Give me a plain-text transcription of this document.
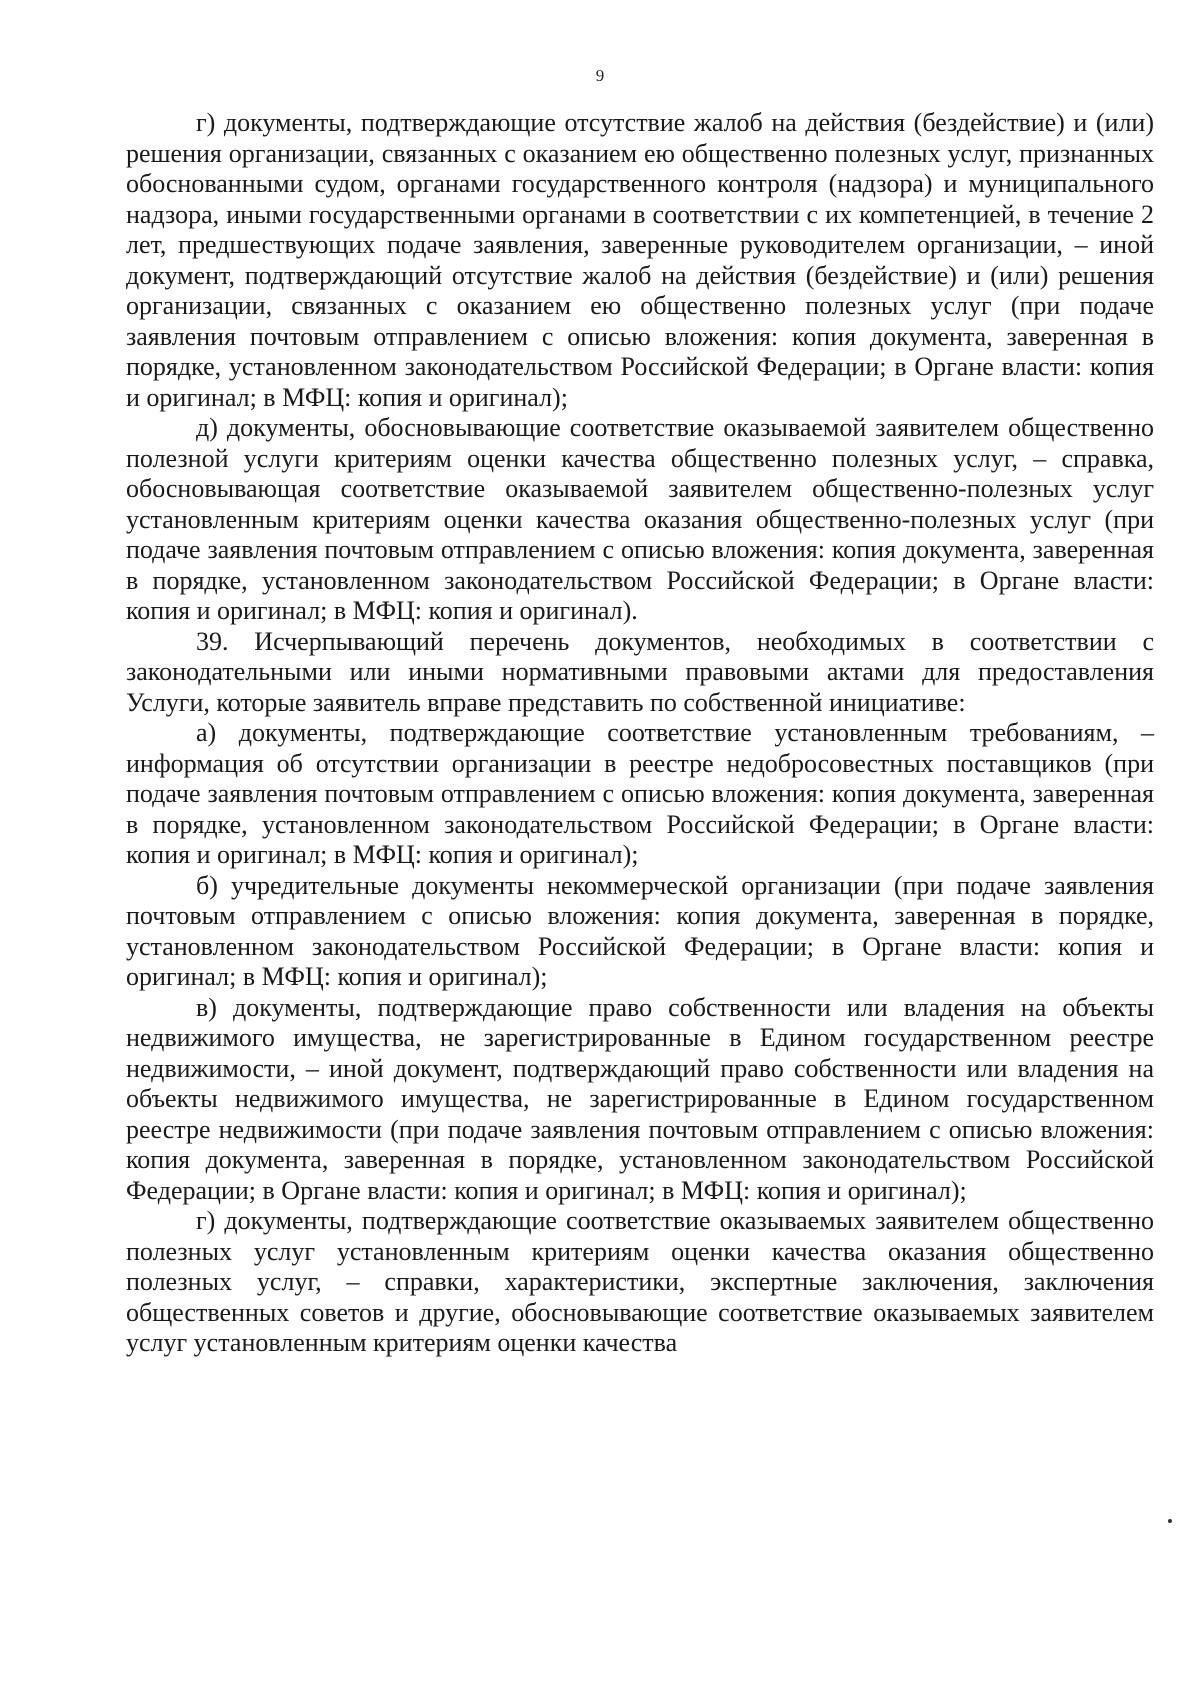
9

г) документы, подтверждающие отсутствие жалоб на действия (бездействие) и (или) решения организации, связанных с оказанием ею общественно полезных услуг, признанных обоснованными судом, органами государственного контроля (надзора) и муниципального надзора, иными государственными органами в соответствии с их компетенцией, в течение 2 лет, предшествующих подаче заявления, заверенные руководителем организации, – иной документ, подтверждающий отсутствие жалоб на действия (бездействие) и (или) решения организации, связанных с оказанием ею общественно полезных услуг (при подаче заявления почтовым отправлением с описью вложения: копия документа, заверенная в порядке, установленном законодательством Российской Федерации; в Органе власти: копия и оригинал; в МФЦ: копия и оригинал);

д) документы, обосновывающие соответствие оказываемой заявителем общественно полезной услуги критериям оценки качества общественно полезных услуг, – справка, обосновывающая соответствие оказываемой заявителем общественно-полезных услуг установленным критериям оценки качества оказания общественно-полезных услуг (при подаче заявления почтовым отправлением с описью вложения: копия документа, заверенная в порядке, установленном законодательством Российской Федерации; в Органе власти: копия и оригинал; в МФЦ: копия и оригинал).

39. Исчерпывающий перечень документов, необходимых в соответствии с законодательными или иными нормативными правовыми актами для предоставления Услуги, которые заявитель вправе представить по собственной инициативе:

а) документы, подтверждающие соответствие установленным требованиям, – информация об отсутствии организации в реестре недобросовестных поставщиков (при подаче заявления почтовым отправлением с описью вложения: копия документа, заверенная в порядке, установленном законодательством Российской Федерации; в Органе власти: копия и оригинал; в МФЦ: копия и оригинал);

б) учредительные документы некоммерческой организации (при подаче заявления почтовым отправлением с описью вложения: копия документа, заверенная в порядке, установленном законодательством Российской Федерации; в Органе власти: копия и оригинал; в МФЦ: копия и оригинал);

в) документы, подтверждающие право собственности или владения на объекты недвижимого имущества, не зарегистрированные в Едином государственном реестре недвижимости, – иной документ, подтверждающий право собственности или владения на объекты недвижимого имущества, не зарегистрированные в Едином государственном реестре недвижимости (при подаче заявления почтовым отправлением с описью вложения: копия документа, заверенная в порядке, установленном законодательством Российской Федерации; в Органе власти: копия и оригинал; в МФЦ: копия и оригинал);

г) документы, подтверждающие соответствие оказываемых заявителем общественно полезных услуг установленным критериям оценки качества оказания общественно полезных услуг, – справки, характеристики, экспертные заключения, заключения общественных советов и другие, обосновывающие соответствие оказываемых заявителем услуг установленным критериям оценки качества
